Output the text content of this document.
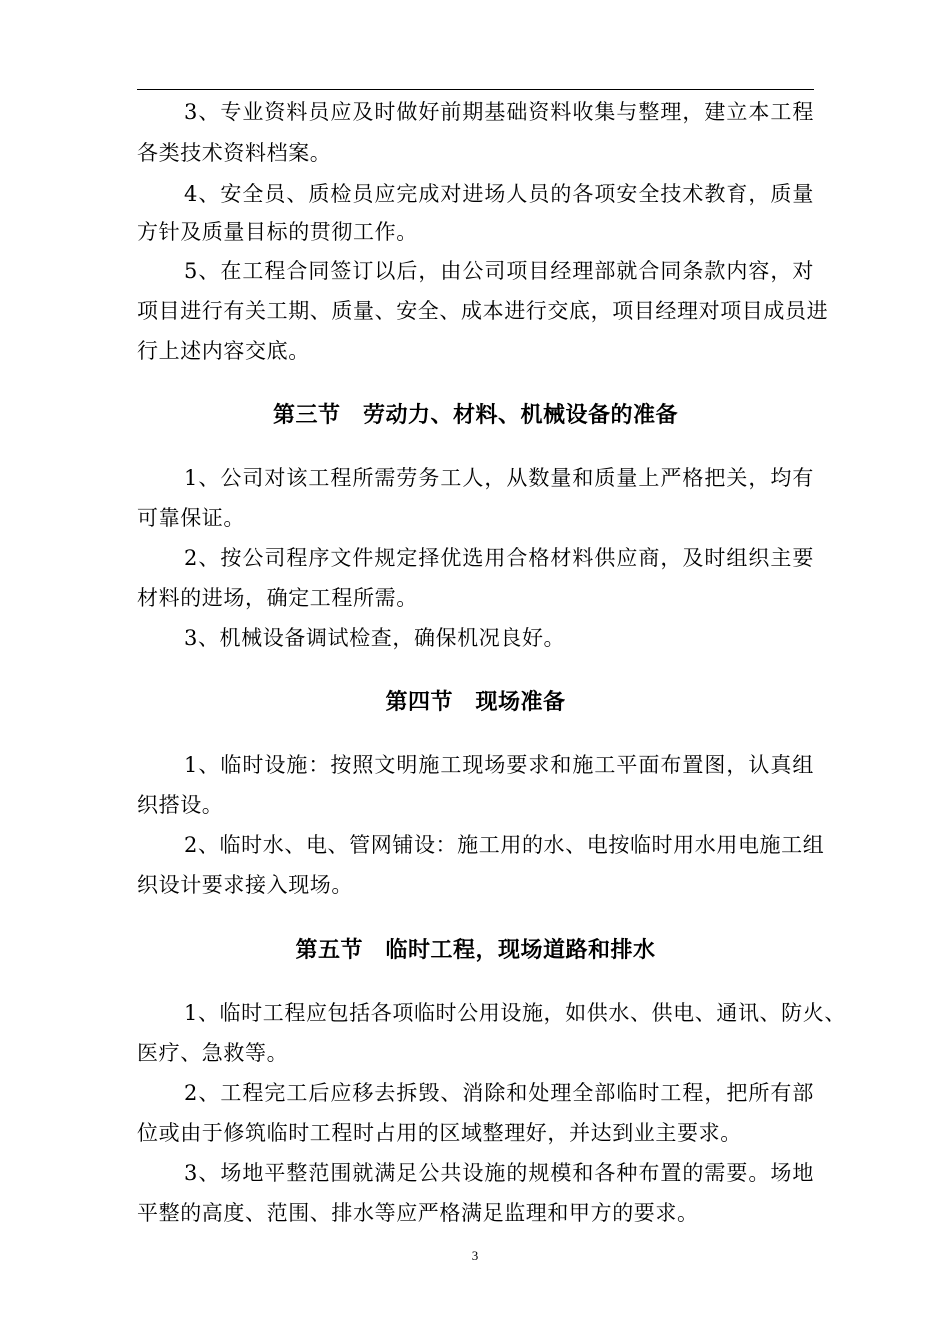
3、专业资料员应及时做好前期基础资料收集与整理，建立本工程
各类技术资料档案。
4、安全员、质检员应完成对进场人员的各项安全技术教育，质量
方针及质量目标的贯彻工作。
5、在工程合同签订以后，由公司项目经理部就合同条款内容，对
项目进行有关工期、质量、安全、成本进行交底，项目经理对项目成员进
行上述内容交底。
第三节　劳动力、材料、机械设备的准备
1、公司对该工程所需劳务工人，从数量和质量上严格把关，均有
可靠保证。
2、按公司程序文件规定择优选用合格材料供应商，及时组织主要
材料的进场，确定工程所需。
3、机械设备调试检查，确保机况良好。
第四节　现场准备
1、临时设施：按照文明施工现场要求和施工平面布置图，认真组
织搭设。
2、临时水、电、管网铺设：施工用的水、电按临时用水用电施工组
织设计要求接入现场。
第五节　临时工程，现场道路和排水
1、临时工程应包括各项临时公用设施，如供水、供电、通讯、防火、
医疗、急救等。
2、工程完工后应移去拆毁、消除和处理全部临时工程，把所有部
位或由于修筑临时工程时占用的区域整理好，并达到业主要求。
3、场地平整范围就满足公共设施的规模和各种布置的需要。场地
平整的高度、范围、排水等应严格满足监理和甲方的要求。
3
